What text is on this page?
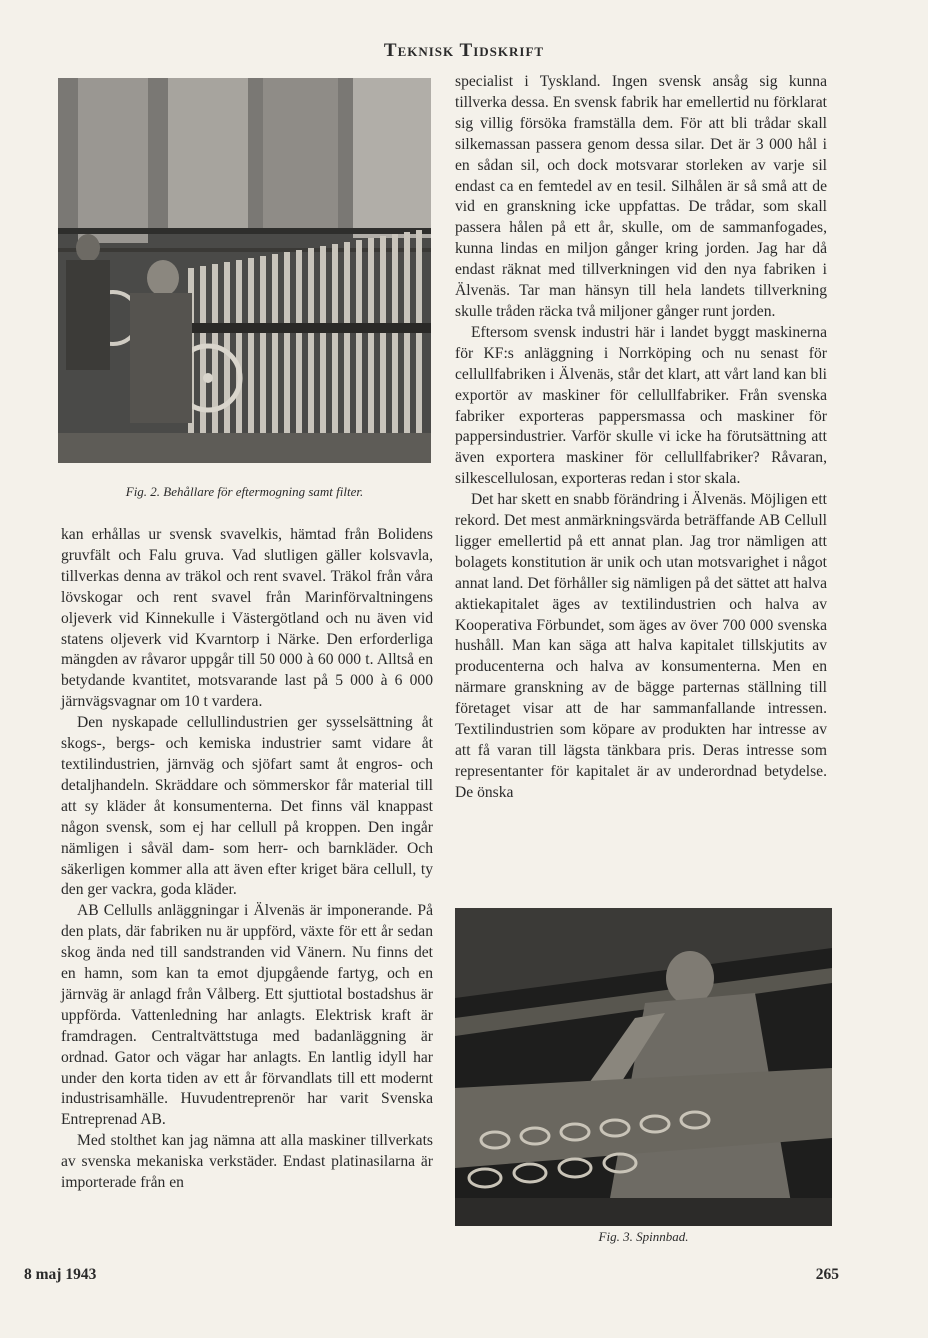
Teknisk Tidskrift
Fig. 2. Behållare för eftermogning samt filter.

kan erhållas ur svensk svavelkis, hämtad från Bolidens gruvfält och Falu gruva. Vad slutligen gäller kolsvavla, tillverkas denna av träkol och rent svavel. Träkol från våra lövskogar och rent svavel från Marinförvaltningens oljeverk vid Kinnekulle i Västergötland och nu även vid statens oljeverk vid Kvarntorp i Närke. Den erforderliga mängden av råvaror uppgår till 50 000 à 60 000 t. Alltså en betydande kvantitet, motsvarande last på 5 000 à 6 000 järnvägsvagnar om 10 t vardera.

Den nyskapade cellullindustrien ger sysselsättning åt skogs-, bergs- och kemiska industrier samt vidare åt textilindustrien, järnväg och sjöfart samt åt engros- och detaljhandeln. Skräddare och sömmerskor får material till att sy kläder åt konsumenterna. Det finns väl knappast någon svensk, som ej har cellull på kroppen. Den ingår nämligen i såväl dam- som herr- och barnkläder. Och säkerligen kommer alla att även efter kriget bära cellull, ty den ger vackra, goda kläder.

AB Cellulls anläggningar i Älvenäs är imponerande. På den plats, där fabriken nu är uppförd, växte för ett år sedan skog ända ned till sandstranden vid Vänern. Nu finns det en hamn, som kan ta emot djupgående fartyg, och en järnväg är anlagd från Vålberg. Ett sjuttiotal bostadshus är uppförda. Vattenledning har anlagts. Elektrisk kraft är framdragen. Centraltvättstuga med badanläggning är ordnad. Gator och vägar har anlagts. En lantlig idyll har under den korta tiden av ett år förvandlats till ett modernt industrisamhälle. Huvudentreprenör har varit Svenska Entreprenad AB.

Med stolthet kan jag nämna att alla maskiner tillverkats av svenska mekaniska verkstäder. Endast platinasilarna är importerade från en

specialist i Tyskland. Ingen svensk ansåg sig kunna tillverka dessa. En svensk fabrik har emellertid nu förklarat sig villig försöka framställa dem. För att bli trådar skall silkemassan passera genom dessa silar. Det är 3 000 hål i en sådan sil, och dock motsvarar storleken av varje sil endast ca en femtedel av en tesil. Silhålen är så små att de vid en granskning icke uppfattas. De trådar, som skall passera hålen på ett år, skulle, om de sammanfogades, kunna lindas en miljon gånger kring jorden. Jag har då endast räknat med tillverkningen vid den nya fabriken i Älvenäs. Tar man hänsyn till hela landets tillverkning skulle tråden räcka två miljoner gånger runt jorden.

Eftersom svensk industri här i landet byggt maskinerna för KF:s anläggning i Norrköping och nu senast för cellullfabriken i Älvenäs, står det klart, att vårt land kan bli exportör av maskiner för cellullfabriker. Från svenska fabriker exporteras pappersmassa och maskiner för pappersindustrier. Varför skulle vi icke ha förutsättning att även exportera maskiner för cellullfabriker? Råvaran, silkescellulosan, exporteras redan i stor skala.

Det har skett en snabb förändring i Älvenäs. Möjligen ett rekord. Det mest anmärkningsvärda beträffande AB Cellull ligger emellertid på ett annat plan. Jag tror nämligen att bolagets konstitution är unik och utan motsvarighet i något annat land. Det förhåller sig nämligen på det sättet att halva aktiekapitalet äges av textilindustrien och halva av Kooperativa Förbundet, som äges av över 700 000 svenska hushåll. Man kan säga att halva kapitalet tillskjutits av producenterna och halva av konsumenterna. Men en närmare granskning av de bägge parternas ställning till företaget visar att de har sammanfallande intressen. Textilindustrien som köpare av produkten har intresse av att få varan till lägsta tänkbara pris. Deras intresse som representanter för kapitalet är av underordnad betydelse. De önska

Fig. 3. Spinnbad.
8 maj 1943	265
